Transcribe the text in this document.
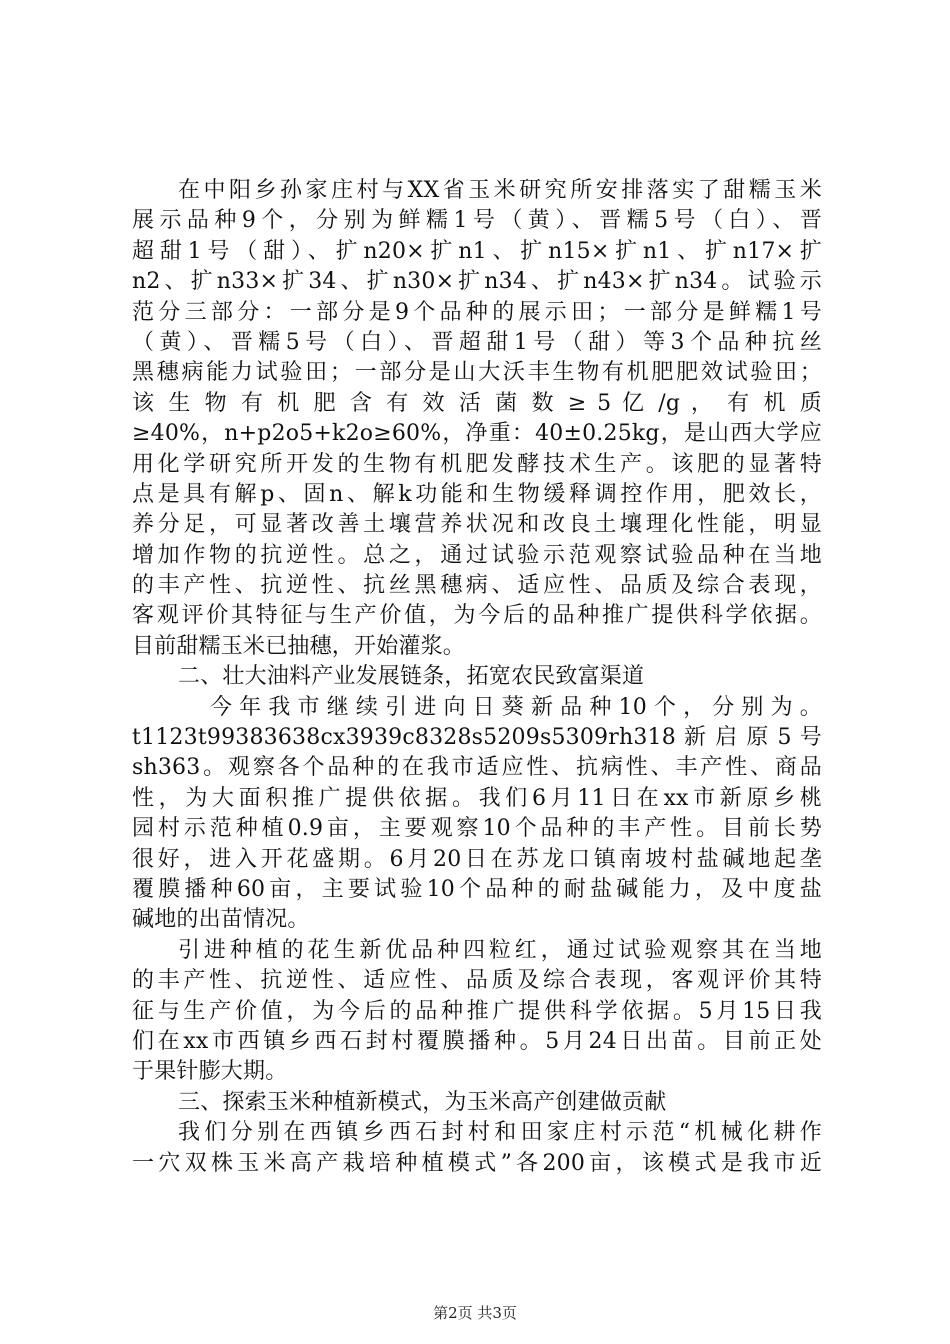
在中阳乡孙家庄村与XX省玉米研究所安排落实了甜糯玉米
展示品种9个，分别为鲜糯1号（黄）、晋糯5号（白）、晋
超甜1号（甜）、扩n20×扩n1、扩n15×扩n1、扩n17×扩
n2、扩n33×扩34、扩n30×扩n34、扩n43×扩n34。试验示
范分三部分：一部分是9个品种的展示田；一部分是鲜糯1号
（黄）、晋糯5号（白）、晋超甜1号（甜）等3个品种抗丝
黑穗病能力试验田；一部分是山大沃丰生物有机肥肥效试验田；
该 生 物 有 机 肥 含 有 效 活 菌 数 ≥ 5 亿 /g ， 有 机 质
≥40%，n+p2o5+k2o≥60%，净重：40±0.25kg，是山西大学应
用化学研究所开发的生物有机肥发酵技术生产。该肥的显著特
点是具有解p、固n、解k功能和生物缓释调控作用，肥效长，
养分足，可显著改善土壤营养状况和改良土壤理化性能，明显
增加作物的抗逆性。总之，通过试验示范观察试验品种在当地
的丰产性、抗逆性、抗丝黑穗病、适应性、品质及综合表现，
客观评价其特征与生产价值，为今后的品种推广提供科学依据。
目前甜糯玉米已抽穗，开始灌浆。
二、壮大油料产业发展链条，拓宽农民致富渠道
今年我市继续引进向日葵新品种10个，分别为。
t1123t99383638cx3939c8328s5209s5309rh318 新 启 原 5 号
sh363。观察各个品种的在我市适应性、抗病性、丰产性、商品
性，为大面积推广提供依据。我们6月11日在xx市新原乡桃
园村示范种植0.9亩，主要观察10个品种的丰产性。目前长势
很好，进入开花盛期。6月20日在苏龙口镇南坡村盐碱地起垄
覆膜播种60亩，主要试验10个品种的耐盐碱能力，及中度盐
碱地的出苗情况。
引进种植的花生新优品种四粒红，通过试验观察其在当地
的丰产性、抗逆性、适应性、品质及综合表现，客观评价其特
征与生产价值，为今后的品种推广提供科学依据。5月15日我
们在xx市西镇乡西石封村覆膜播种。5月24日出苗。目前正处
于果针膨大期。
三、探索玉米种植新模式，为玉米高产创建做贡献
我们分别在西镇乡西石封村和田家庄村示范“机械化耕作
一穴双株玉米高产栽培种植模式”各200亩，该模式是我市近
第2页 共3页
